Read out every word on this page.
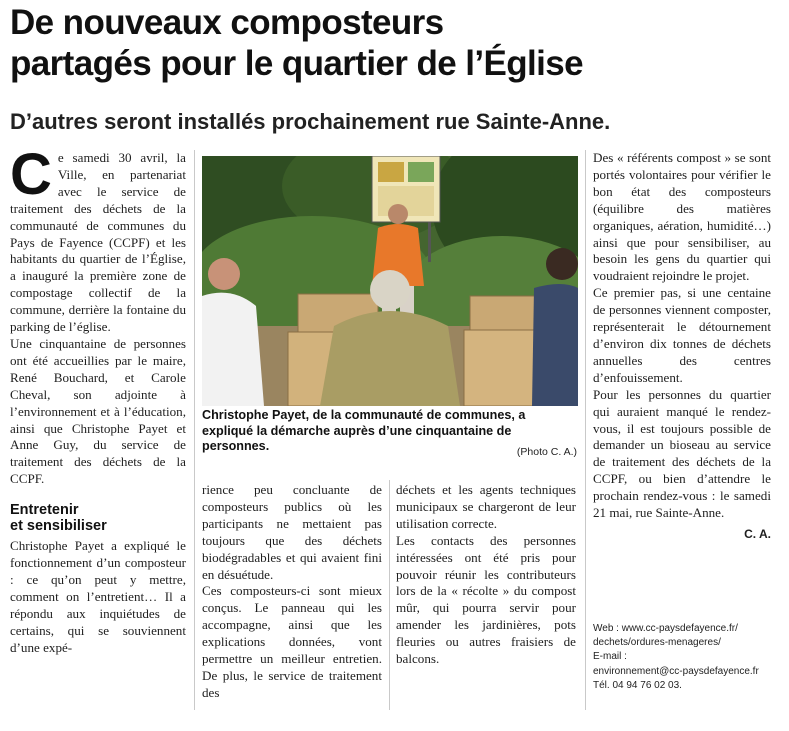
De nouveaux composteurs
partagés pour le quartier de l’Église
D’autres seront installés prochainement rue Sainte-Anne.

Ce samedi 30 avril, la Ville, en partenariat avec le service de traitement des déchets de la communauté de communes du Pays de Fayence (CCPF) et les habitants du quartier de l’Église, a inauguré la première zone de compostage collectif de la commune, derrière la fontaine du parking de l’église.

Une cinquantaine de personnes ont été accueillies par le maire, René Bouchard, et Carole Cheval, son adjointe à l’environnement et à l’éducation, ainsi que Christophe Payet et Anne Guy, du service de traitement des déchets de la CCPF.

Entretenir
et sensibiliser

Christophe Payet a expliqué le fonctionnement d’un composteur : ce qu’on peut y mettre, comment on l’entretient… Il a répondu aux inquiétudes de certains, qui se souviennent d’une expé-

Christophe Payet, de la communauté de communes, a expliqué la démarche auprès d’une cinquantaine de personnes.	(Photo C. A.)

rience peu concluante de composteurs publics où les participants ne mettaient pas toujours que des déchets biodégradables et qui avaient fini en désuétude.

Ces composteurs-ci sont mieux conçus. Le panneau qui les accompagne, ainsi que les explications données, vont permettre un meilleur entretien. De plus, le service de traitement des

déchets et les agents techniques municipaux se chargeront de leur utilisation correcte.

Les contacts des personnes intéressées ont été pris pour pouvoir réunir les contributeurs lors de la « récolte » du compost mûr, qui pourra servir pour amender les jardinières, pots fleuries ou autres fraisiers de balcons.

Des « référents compost » se sont portés volontaires pour vérifier le bon état des composteurs (équilibre des matières organiques, aération, humidité…) ainsi que pour sensibiliser, au besoin les gens du quartier qui voudraient rejoindre le projet.

Ce premier pas, si une centaine de personnes viennent composter, représenterait le détournement d’environ dix tonnes de déchets annuelles des centres d’enfouissement.

Pour les personnes du quartier qui auraient manqué le rendez-vous, il est toujours possible de demander un bioseau au service de traitement des déchets de la CCPF, ou bien d’attendre le prochain rendez-vous : le samedi 21 mai, rue Sainte-Anne.

C. A.

Web : www.cc-paysdefayence.fr/
dechets/ordures-menageres/
E-mail :
environnement@cc-paysdefayence.fr
Tél. 04 94 76 02 03.
